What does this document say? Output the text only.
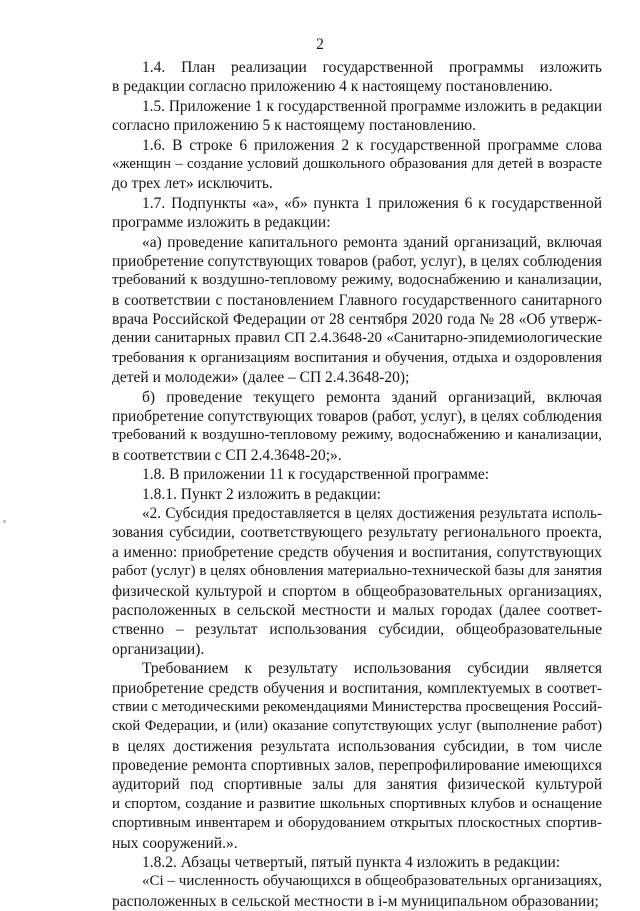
2
1.4. План реализации государственной программы изложить
в редакции согласно приложению 4 к настоящему постановлению.
1.5. Приложение 1 к государственной программе изложить в редакции
согласно приложению 5 к настоящему постановлению.
1.6. В строке 6 приложения 2 к государственной программе слова
«женщин – создание условий дошкольного образования для детей в возрасте
до трех лет» исключить.
1.7. Подпункты «а», «б» пункта 1 приложения 6 к государственной
программе изложить в редакции:
«а) проведение капитального ремонта зданий организаций, включая
приобретение сопутствующих товаров (работ, услуг), в целях соблюдения
требований к воздушно-тепловому режиму, водоснабжению и канализации,
в соответствии с постановлением Главного государственного санитарного
врача Российской Федерации от 28 сентября 2020 года № 28 «Об утверж-
дении санитарных правил СП 2.4.3648-20 «Санитарно-эпидемиологические
требования к организациям воспитания и обучения, отдыха и оздоровления
детей и молодежи» (далее – СП 2.4.3648-20);
б) проведение текущего ремонта зданий организаций, включая
приобретение сопутствующих товаров (работ, услуг), в целях соблюдения
требований к воздушно-тепловому режиму, водоснабжению и канализации,
в соответствии с СП 2.4.3648-20;».
1.8. В приложении 11 к государственной программе:
1.8.1. Пункт 2 изложить в редакции:
«2. Субсидия предоставляется в целях достижения результата исполь-
зования субсидии, соответствующего результату регионального проекта,
а именно: приобретение средств обучения и воспитания, сопутствующих
работ (услуг) в целях обновления материально-технической базы для занятия
физической культурой и спортом в общеобразовательных организациях,
расположенных в сельской местности и малых городах (далее соответ-
ственно – результат использования субсидии, общеобразовательные
организации).
Требованием к результату использования субсидии является
приобретение средств обучения и воспитания, комплектуемых в соответ-
ствии с методическими рекомендациями Министерства просвещения Россий-
ской Федерации, и (или) оказание сопутствующих услуг (выполнение работ)
в целях достижения результата использования субсидии, в том числе
проведение ремонта спортивных залов, перепрофилирование имеющихся
аудиторий под спортивные залы для занятия физической культурой
и спортом, создание и развитие школьных спортивных клубов и оснащение
спортивным инвентарем и оборудованием открытых плоскостных спортив-
ных сооружений.».
1.8.2. Абзацы четвертый, пятый пункта 4 изложить в редакции:
«Ci – численность обучающихся в общеобразовательных организациях,
расположенных в сельской местности в i-м муниципальном образовании;
